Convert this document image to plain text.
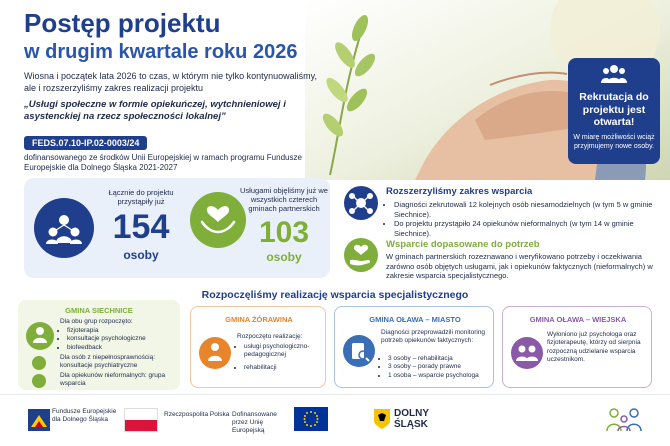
Postęp projektu
w drugim kwartale roku 2026
Wiosna i początek lata 2026 to czas, w którym nie tylko kontynuowaliśmy, ale i rozszerzyliśmy zakres realizacji projektu
„Usługi społeczne w formie opiekuńczej, wytchnieniowej i asystenckiej na rzecz społeczności lokalnej”
FEDS.07.10-IP.02-0003/24
dofinansowanego ze środków Unii Europejskiej w ramach programu Fundusze Europejskie dla Dolnego Śląska 2021-2027
Rekrutacja do projektu jest otwarta!
W miarę możliwości wciąż przyjmujemy nowe osoby.
Łącznie do projektu przystąpiły już
154
osoby
Usługami objęliśmy już we wszystkich czterech gminach partnerskich
103
osoby
Rozszerzyliśmy zakres wsparcia
• Diagności zekrutowali 12 kolejnych osób niesamodzielnych (w tym 5 w gminie Siechnice).
• Do projektu przystąpiło 24 opiekunów nieformalnych (w tym 14 w gminie Siechnice).
Wsparcie dopasowane do potrzeb
W gminach partnerskich rozeznawano i weryfikowano potrzeby i oczekiwania zarówno osób objętych usługami, jak i opiekunów faktycznych (nieformalnych) w zakresie wsparcia specjalistycznego.
Rozpoczęliśmy realizację wsparcia specjalistycznego
GMINA SIECHNICE
Dla obu grup rozpoczęto:
• fizjoterapia
• konsultacje psychologiczne
• biofeedback
Dla osób z niepełnosprawnością: konsultacje psychiatryczne
Dla opiekunów nieformalnych: grupa wsparcia
GMINA ŻÓRAWINA
Rozpoczęto realizację:
• usługi psychologiczno-pedagogicznej
• rehabilitacji
GMINA OŁAWA – MIASTO
Diagności przeprowadzili monitoring potrzeb opiekunów faktycznych:
• 3 osoby – rehabilitacja
• 3 osoby – porady prawne
• 1 osoba – wsparcie psychologa
GMINA OŁAWA – WIEJSKA
Wyłoniono już psychologa oraz fizjoterapeutę, którzy od sierpnia rozpoczną udzielanie wsparcia uczestnikom.
Fundusze Europejskie dla Dolnego Śląska
Rzeczpospolita Polska Dofinansowane przez Unię Europejską
DOLNY
ŚLĄSK
